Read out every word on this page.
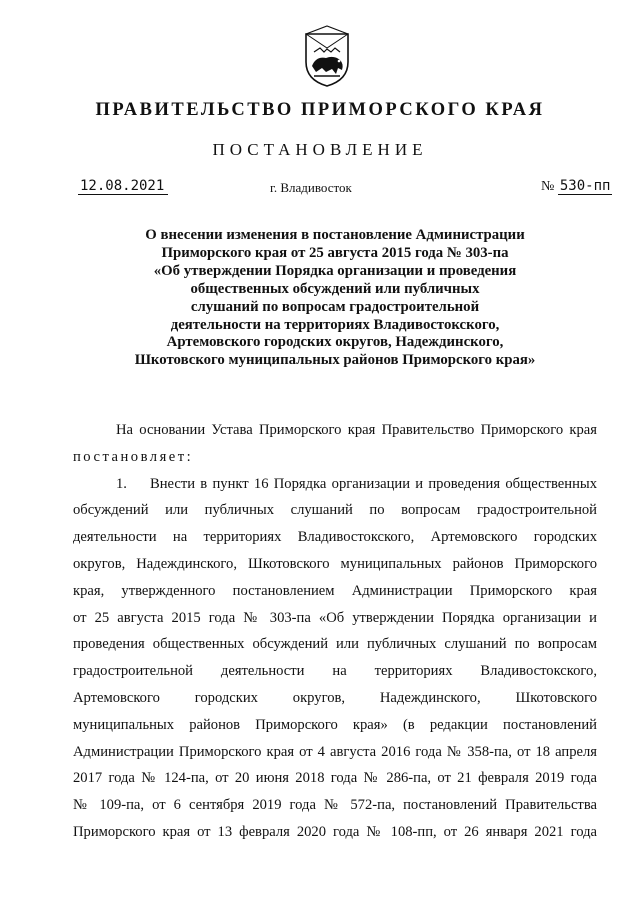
ПРАВИТЕЛЬСТВО ПРИМОРСКОГО КРАЯ
ПОСТАНОВЛЕНИЕ
12.08.2021	г. Владивосток	№ 530-пп
О внесении изменения в постановление Администрации
Приморского края от 25 августа 2015 года № 303-па
«Об утверждении Порядка организации и проведения
общественных обсуждений или публичных
слушаний по вопросам градостроительной
деятельности на территориях Владивостокского,
Артемовского городских округов, Надеждинского,
Шкотовского муниципальных районов Приморского края»
На основании Устава Приморского края Правительство Приморского края
постановляет:
1. Внести в пункт 16 Порядка организации и проведения общественных
обсуждений или публичных слушаний по вопросам градостроительной
деятельности на территориях Владивостокского, Артемовского городских
округов, Надеждинского, Шкотовского муниципальных районов Приморского
края, утвержденного постановлением Администрации Приморского края
от 25 августа 2015 года № 303-па «Об утверждении Порядка организации и
проведения общественных обсуждений или публичных слушаний по вопросам
градостроительной деятельности на территориях Владивостокского,
Артемовского городских округов, Надеждинского, Шкотовского
муниципальных районов Приморского края» (в редакции постановлений
Администрации Приморского края от 4 августа 2016 года № 358-па, от 18 апреля
2017 года № 124-па, от 20 июня 2018 года № 286-па, от 21 февраля 2019 года
№ 109-па, от 6 сентября 2019 года № 572-па, постановлений Правительства
Приморского края от 13 февраля 2020 года № 108-пп, от 26 января 2021 года
